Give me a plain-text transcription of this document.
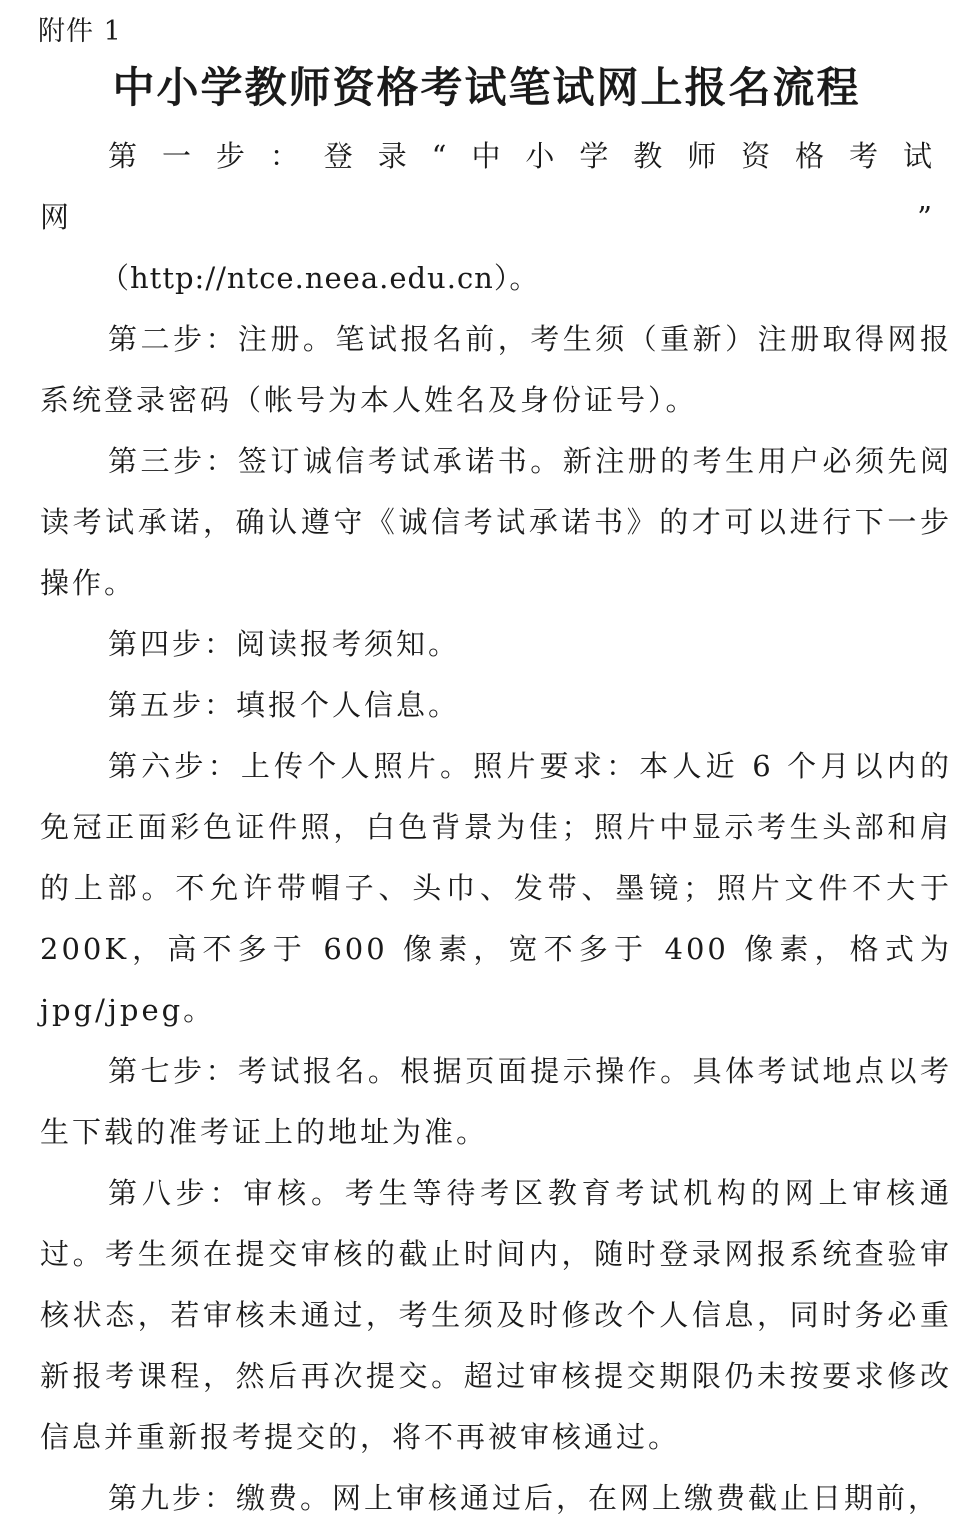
附件 1
中小学教师资格考试笔试网上报名流程

第一步：登录“中小学教师资格考试网”

（http://ntce.neea.edu.cn）。

第二步：注册。笔试报名前，考生须（重新）注册取得网报系统登录密码（帐号为本人姓名及身份证号）。

第三步：签订诚信考试承诺书。新注册的考生用户必须先阅读考试承诺，确认遵守《诚信考试承诺书》的才可以进行下一步操作。

第四步：阅读报考须知。

第五步：填报个人信息。

第六步：上传个人照片。照片要求：本人近 6 个月以内的免冠正面彩色证件照，白色背景为佳；照片中显示考生头部和肩的上部。不允许带帽子、头巾、发带、墨镜；照片文件不大于 200K，高不多于 600 像素，宽不多于 400 像素，格式为jpg/jpeg。

第七步：考试报名。根据页面提示操作。具体考试地点以考生下载的准考证上的地址为准。

第八步：审核。考生等待考区教育考试机构的网上审核通过。考生须在提交审核的截止时间内，随时登录网报系统查验审核状态，若审核未通过，考生须及时修改个人信息，同时务必重新报考课程，然后再次提交。超过审核提交期限仍未按要求修改信息并重新报考提交的，将不再被审核通过。

第九步：缴费。网上审核通过后，在网上缴费截止日期前，
